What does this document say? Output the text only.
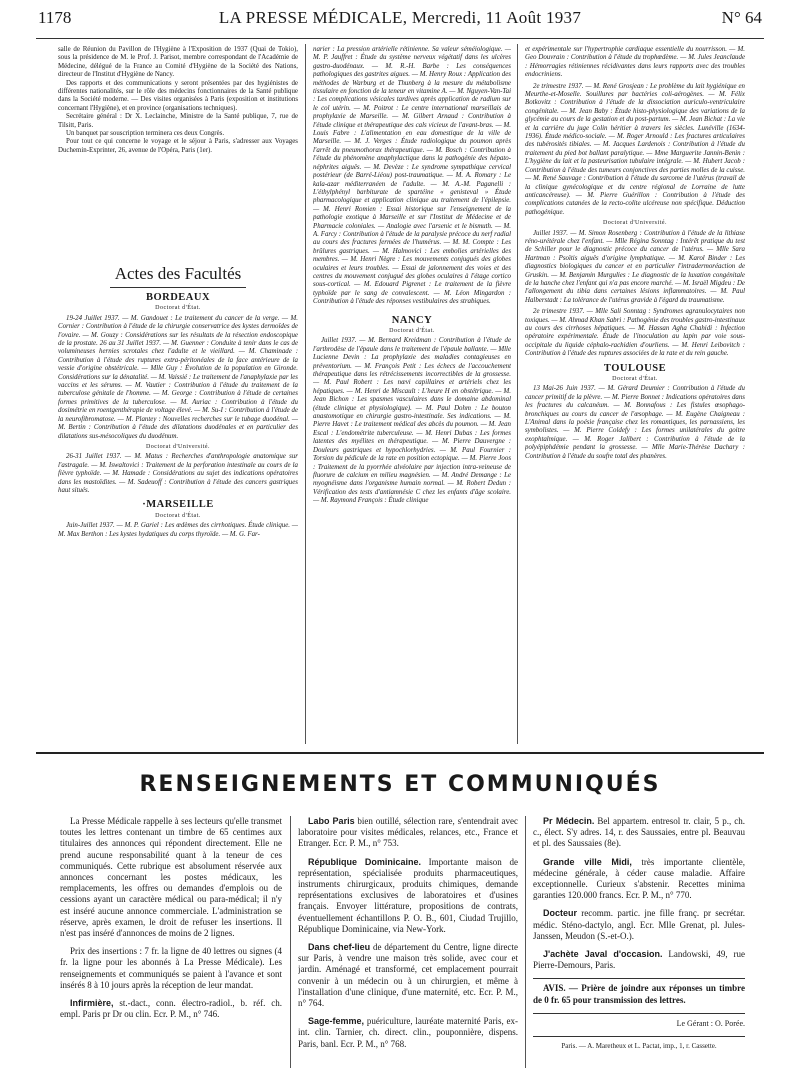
1178	LA PRESSE MÉDICALE, Mercredi, 11 Août 1937	N° 64

salle de Réunion du Pavillon de l'Hygiène à l'Exposition de 1937 (Quai de Tokio), sous la présidence de M. le Prof. J. Parisot, membre correspondant de l'Académie de Médecine, délégué de la France au Comité d'Hygiène de la Société des Nations, directeur de l'Institut d'Hygiène de Nancy.

Des rapports et des communications y seront présentées par des hygiénistes de différentes nationalités, sur le rôle des médecins fonctionnaires de la Santé publique dans la Société moderne. — Des visites organisées à Paris (exposition et institutions concernant l'Hygiène), et en province (organisations techniques).

Secrétaire général : Dr X. Leclainche, Ministre de la Santé publique, 7, rue de Tilsitt, Paris.

Un banquet par souscription terminera ces deux Congrès.

Pour tout ce qui concerne le voyage et le séjour à Paris, s'adresser aux Voyages Duchemin-Exprinter, 26, avenue de l'Opéra, Paris (1er).

Actes des Facultés
BORDEAUX
Doctorat d'État.

19-24 Juillet 1937. — M. Gandouet : Le traitement du cancer de la verge. — M. Cornier : Contribution à l'étude de la chirurgie conservatrice des kystes dermoïdes de l'ovaire. — M. Gouzy : Considérations sur les résultats de la résection endoscopique de la prostate. 26 au 31 Juillet 1937. — M. Guenner : Conduite à tenir dans le cas de volumineuses hernies scrotales chez l'adulte et le vieillard. — M. Chaminade : Contribution à l'étude des ruptures extra-péritonéales de la face antérieure de la vessie d'origine obstétricale. — Mlle Guy : Évolution de la population en Gironde. Considérations sur la dénatalité. — M. Vaissié : Le traitement de l'anaphylaxie par les vaccins et les sérums. — M. Vautier : Contribution à l'étude du traitement de la tuberculose génitale de l'homme. — M. George : Contribution à l'étude de certaines formes primitives de la tuberculose. — M. Auriac : Contribution à l'étude du dosimétrie en roentgenthérapie de voltage élevé. — M. Su-I : Contribution à l'étude de la neurofibromatose. — M. Plantey : Nouvelles recherches sur le tubage duodénal. — M. Bertin : Contribution à l'étude des dilatations duodénales et en particulier des dilatations sus-mésocoliques du duodénum.

Doctorat d'Université.

26-31 Juillet 1937. — M. Matus : Recherches d'anthropologie anatomique sur l'astragale. — M. Iswaltovici : Traitement de la perforation intestinale au cours de la fièvre typhoïde. — M. Hamade : Considérations au sujet des indications opératoires dans les mastoïdites. — M. Sadeuoff : Contribution à l'étude des cancers gastriques haut situés.

·MARSEILLE
Doctorat d'État.

Juin-Juillet 1937. — M. P. Gariel : Les œdèmes des cirrhotiques. Étude clinique. — M. Max Berthon : Les kystes hydatiques du corps thyroïde. — M. G. Far-

narier : La pression artérielle rétinienne. Sa valeur séméiologique. — M. P. Jauffret : Étude du système nerveux végétatif dans les ulcères gastro-duodénaux. — M. R.-H. Barbe : Les conséquences pathologiques des gastrites aigues. — M. Henry Roux : Application des méthodes de Warburg et de Thunberg à la mesure du métabolisme tissulaire en fonction de la teneur en vitamine A. — M. Nguyen-Van-Tai : Les complications vésicales tardives après application de radium sur le col utérin. — M. Poitrot : Le centre international marseillais de prophylaxie de Marseille. — M. Gilbert Arnaud : Contribution à l'étude clinique et thérapeutique des cals vicieux de l'avant-bras. — M. Louis Fabre : L'alimentation en eau domestique de la ville de Marseille. — M. J. Verges : Étude radiologique du poumon après l'arrêt du pneumothorax thérapeutique. — M. Bosch : Contribution à l'étude du phénomène anaphylactique dans la pathogénie des hépato-néphrites aiguës. — M. Devèze : Le syndrome sympathique cervical postérieur (de Barré-Liéou) post-traumatique. — M. A. Romary : Le kala-azar méditerranéen de l'adulte. — M. A.-M. Paganelli : L'éthylphényl barbiturate de spartéine « genisteval » Étude pharmacologique et application clinique au traitement de l'épilepsie. — M. Henri Romien : Essai historique sur l'enseignement de la pathologie exotique à Marseille et sur l'Institut de Médecine et de Pharmacie coloniales. — Analogie avec l'arsenic et le bismuth. — M. A. Farcy : Contribution à l'étude de la paralysie précoce du nerf radial au cours des fractures fermées de l'humérus. — M. M. Compte : Les brûlures gastriques. — M. Halmovici : Les embolies artérielles des membres. — M. Henri Nègre : Les mouvements conjugués des globes oculaires et leurs troubles. — Essai de jalonnement des voies et des centres du mouvement conjugué des globes oculaires à l'étage cortico sous-cortical. — M. Edouard Pigrenet : Le traitement de la fièvre typhoïde par le sang de convalescent. — M. Léon Mingardon : Contribution à l'étude des réponses vestibulaires des strabiques.

NANCY
Doctorat d'État.

Juillet 1937. — M. Bernard Kreidman : Contribution à l'étude de l'arthrodèse de l'épaule dans le traitement de l'épaule ballante. — Mlle Lucienne Devin : La prophylaxie des maladies contagieuses en préventorium. — M. François Petit : Les échecs de l'accouchement thérapeutique dans les rétrécissements incorrectibles de la grossesse. — M. Paul Robert : Les nævi capillaires et artériels chez les hépatiques. — M. Henri de Miscault : L'heure H en obstétrique. — M. Jean Bichon : Les spasmes vasculaires dans le domaine abdominal (étude clinique et physiologique). — M. Paul Dohm : Le bouton anastomotique en chirurgie gastro-intestinale. Ses indications. — M. Pierre Havet : Le traitement médical des abcès du poumon. — M. Jean Escal : L'endométrite tuberculeuse. — M. Henri Dubas : Les formes latentes des myélites en thérapeutique. — M. Pierre Dauvergne : Douleurs gastriques et hypochlorhydries. — M. Paul Fournier : Torsion du pédicule de la rate en position ectopique. — M. Pierre Joos : Traitement de la pyorrhée alvéolaire par injection intra-veineuse de fluorure de calcium en milieu magnésien. — M. André Demange : Le myognéisme dans l'organisme humain normal. — M. Robert Dedun : Vérification des tests d'antiamnésie C chez les enfants d'âge scolaire. — M. Raymond François : Étude clinique

et expérimentale sur l'hypertrophie cardiaque essentielle du nourrisson. — M. Geo Douvrain : Contribution à l'étude du trophœdème. — M. Jules Jeanclaude : Hémorragies rétiniennes récidivantes dans leurs rapports avec des troubles endocriniens.

2e trimestre 1937. — M. René Grosjean : Le problème du lait hygiénique en Meurthe-et-Moselle. Souillures par bactéries coli-aérogènes. — M. Félix Botkovitz : Contribution à l'étude de la dissociation auriculo-ventriculaire congénitale. — M. Jean Baby : Étude histo-physiologique des variations de la glycémie au cours de la gestation et du post-partum. — M. Jean Bichat : La vie et la carrière du juge Colin héritier à travers les siècles. Lunéville (1634-1936). Étude médico-sociale. — M. Roger Arnould : Les fractures articulaires des tubérosités tibiales. — M. Jacques Lardenois : Contribution à l'étude du traitement du pied bot ballant paralytique. — Mme Marguerite Jannin-Benin : L'hygiène du lait et la pasteurisation tubulaire intégrale. — M. Hubert Jacob : Contribution à l'étude des tumeurs conjonctives des parties molles de la cuisse. — M. René Sauvage : Contribution à l'étude du sarcome de l'utérus (travail de la clinique gynécologique et du centre régional de Lorraine de lutte anticancéreuse). — M. Pierre Guérillon : Contribution à l'étude des complications cutanées de la recto-colite ulcéreuse non spécifique. Déduction pathogénique.

Doctorat d'Université.

Juillet 1937. — M. Simon Rosenberg : Contribution à l'étude de la lithiase réno-urétérale chez l'enfant. — Mlle Régina Sonntag : Intérêt pratique du test de Schiller pour le diagnostic précoce du cancer de l'utérus. — Mlle Sara Hartman : Psoïtis aiguës d'origine lymphatique. — M. Karol Binder : Les diagnostics biologiques du cancer et en particulier l'intradermoréaction de Gruskin. — M. Benjamin Murgulies : Le diagnostic de la luxation congénitale de la hanche chez l'enfant qui n'a pas encore marché. — M. Israël Migdeu : De l'allongement du tibia dans certaines lésions inflammatoires. — M. Paul Halberstadt : La tolérance de l'utérus gravide à l'égard du traumatisme.

2e trimestre 1937. — Mlle Sali Sonntag : Syndromes agranulocytaires non toxiques. — M. Ahmad Khan Sabri : Pathogénie des troubles gastro-intestinaux au cours des cirrhoses hépatiques. — M. Hassan Agha Chahidi : Infection opératoire expérimentale. Étude de l'inoculation au lapin par voie sous-occipitale du liquide céphalo-rachidien d'ourliens. — M. Henri Leibovitch : Contribution à l'étude des ruptures associées de la rate et du rein gauche.

TOULOUSE
Doctorat d'État.

13 Mai-26 Juin 1937. — M. Gérard Deumier : Contribution à l'étude du cancer primitif de la plèvre. — M. Pierre Bonnet : Indications opératoires dans les fractures du calcanéum. — M. Bonnafous : Les fistules œsophago-bronchiques au cours du cancer de l'œsophage. — M. Eugène Chaigneau : L'Animal dans la poésie française chez les romantiques, les parnassiens, les symbolistes. — M. Pierre Coldefy : Les formes unilatérales du goitre exophtalmique. — M. Roger Jalibert : Contribution à l'étude de la polyépiphdémie pendant la grossesse. — Mlle Marie-Thérèse Dachary : Contribution à l'étude du soufre total des phanères.

RENSEIGNEMENTS ET COMMUNIQUÉS

La Presse Médicale rappelle à ses lecteurs qu'elle transmet toutes les lettres contenant un timbre de 65 centimes aux titulaires des annonces qui répondent directement. Elle ne prend aucune responsabilité quant à la teneur de ces communiqués. Cette rubrique est absolument réservée aux annonces concernant les postes médicaux, les remplacements, les offres ou demandes d'emplois ou de cessions ayant un caractère médical ou para-médical; il n'y est inséré aucune annonce commerciale. L'administration se réserve, après examen, le droit de refuser les insertions. Il n'est pas inséré d'annonces de moins de 2 lignes.

Prix des insertions : 7 fr. la ligne de 40 lettres ou signes (4 fr. la ligne pour les abonnés à La Presse Médicale). Les renseignements et communiqués se paient à l'avance et sont insérés 8 à 10 jours après la réception de leur mandat.

Infirmière, st.-dact., conn. électro-radiol., b. réf. ch. empl. Paris pr Dr ou clin. Ecr. P. M., n° 746.

Labo Paris bien outillé, sélection rare, s'entendrait avec laboratoire pour visites médicales, relances, etc., France et Etranger. Ecr. P. M., n° 753.

République Dominicaine. Importante maison de représentation, spécialisée produits pharmaceutiques, instruments chirurgicaux, produits chimiques, demande représentations exclusives de laboratoires et d'usines français. Envoyer littérature, propositions de contrats, éventuellement échantillons P. O. B., 601, Ciudad Trujillo, République Dominicaine, via New-York.

Dans chef-lieu de département du Centre, ligne directe sur Paris, à vendre une maison très solide, avec cour et jardin. Aménagé et transformé, cet emplacement pourrait convenir à un médecin ou à un chirurgien, et même à l'installation d'une clinique, d'une maternité, etc. Ecr. P. M., n° 764.

Sage-femme, puériculture, lauréate maternité Paris, ex-int. clin. Tarnier, ch. direct. clin., pouponnière, dispens. Paris, banl. Ecr. P. M., n° 768.

Pr Médecin. Bel appartem. entresol tr. clair, 5 p., ch. c., élect. S'y adres. 14, r. des Saussaies, entre pl. Beauvau et pl. des Saussaies (8e).

Grande ville Midi, très importante clientèle, médecine générale, à céder cause maladie. Affaire exceptionnelle. Curieux s'abstenir. Recettes minima garanties 120.000 francs. Ecr. P. M., n° 770.

Docteur recomm. partic. jne fille franç. pr secrétar. médic. Sténo-dactylo, angl. Ecr. Mlle Grenat, pl. Jules-Janssen, Meudon (S.-et-O.).

J'achète Javal d'occasion. Landowski, 49, rue Pierre-Demours, Paris.

AVIS. — Prière de joindre aux réponses un timbre de 0 fr. 65 pour transmission des lettres.

Le Gérant : O. Porée.

Paris. — A. Maretheux et L. Pactat, imp., 1, r. Cassette.
